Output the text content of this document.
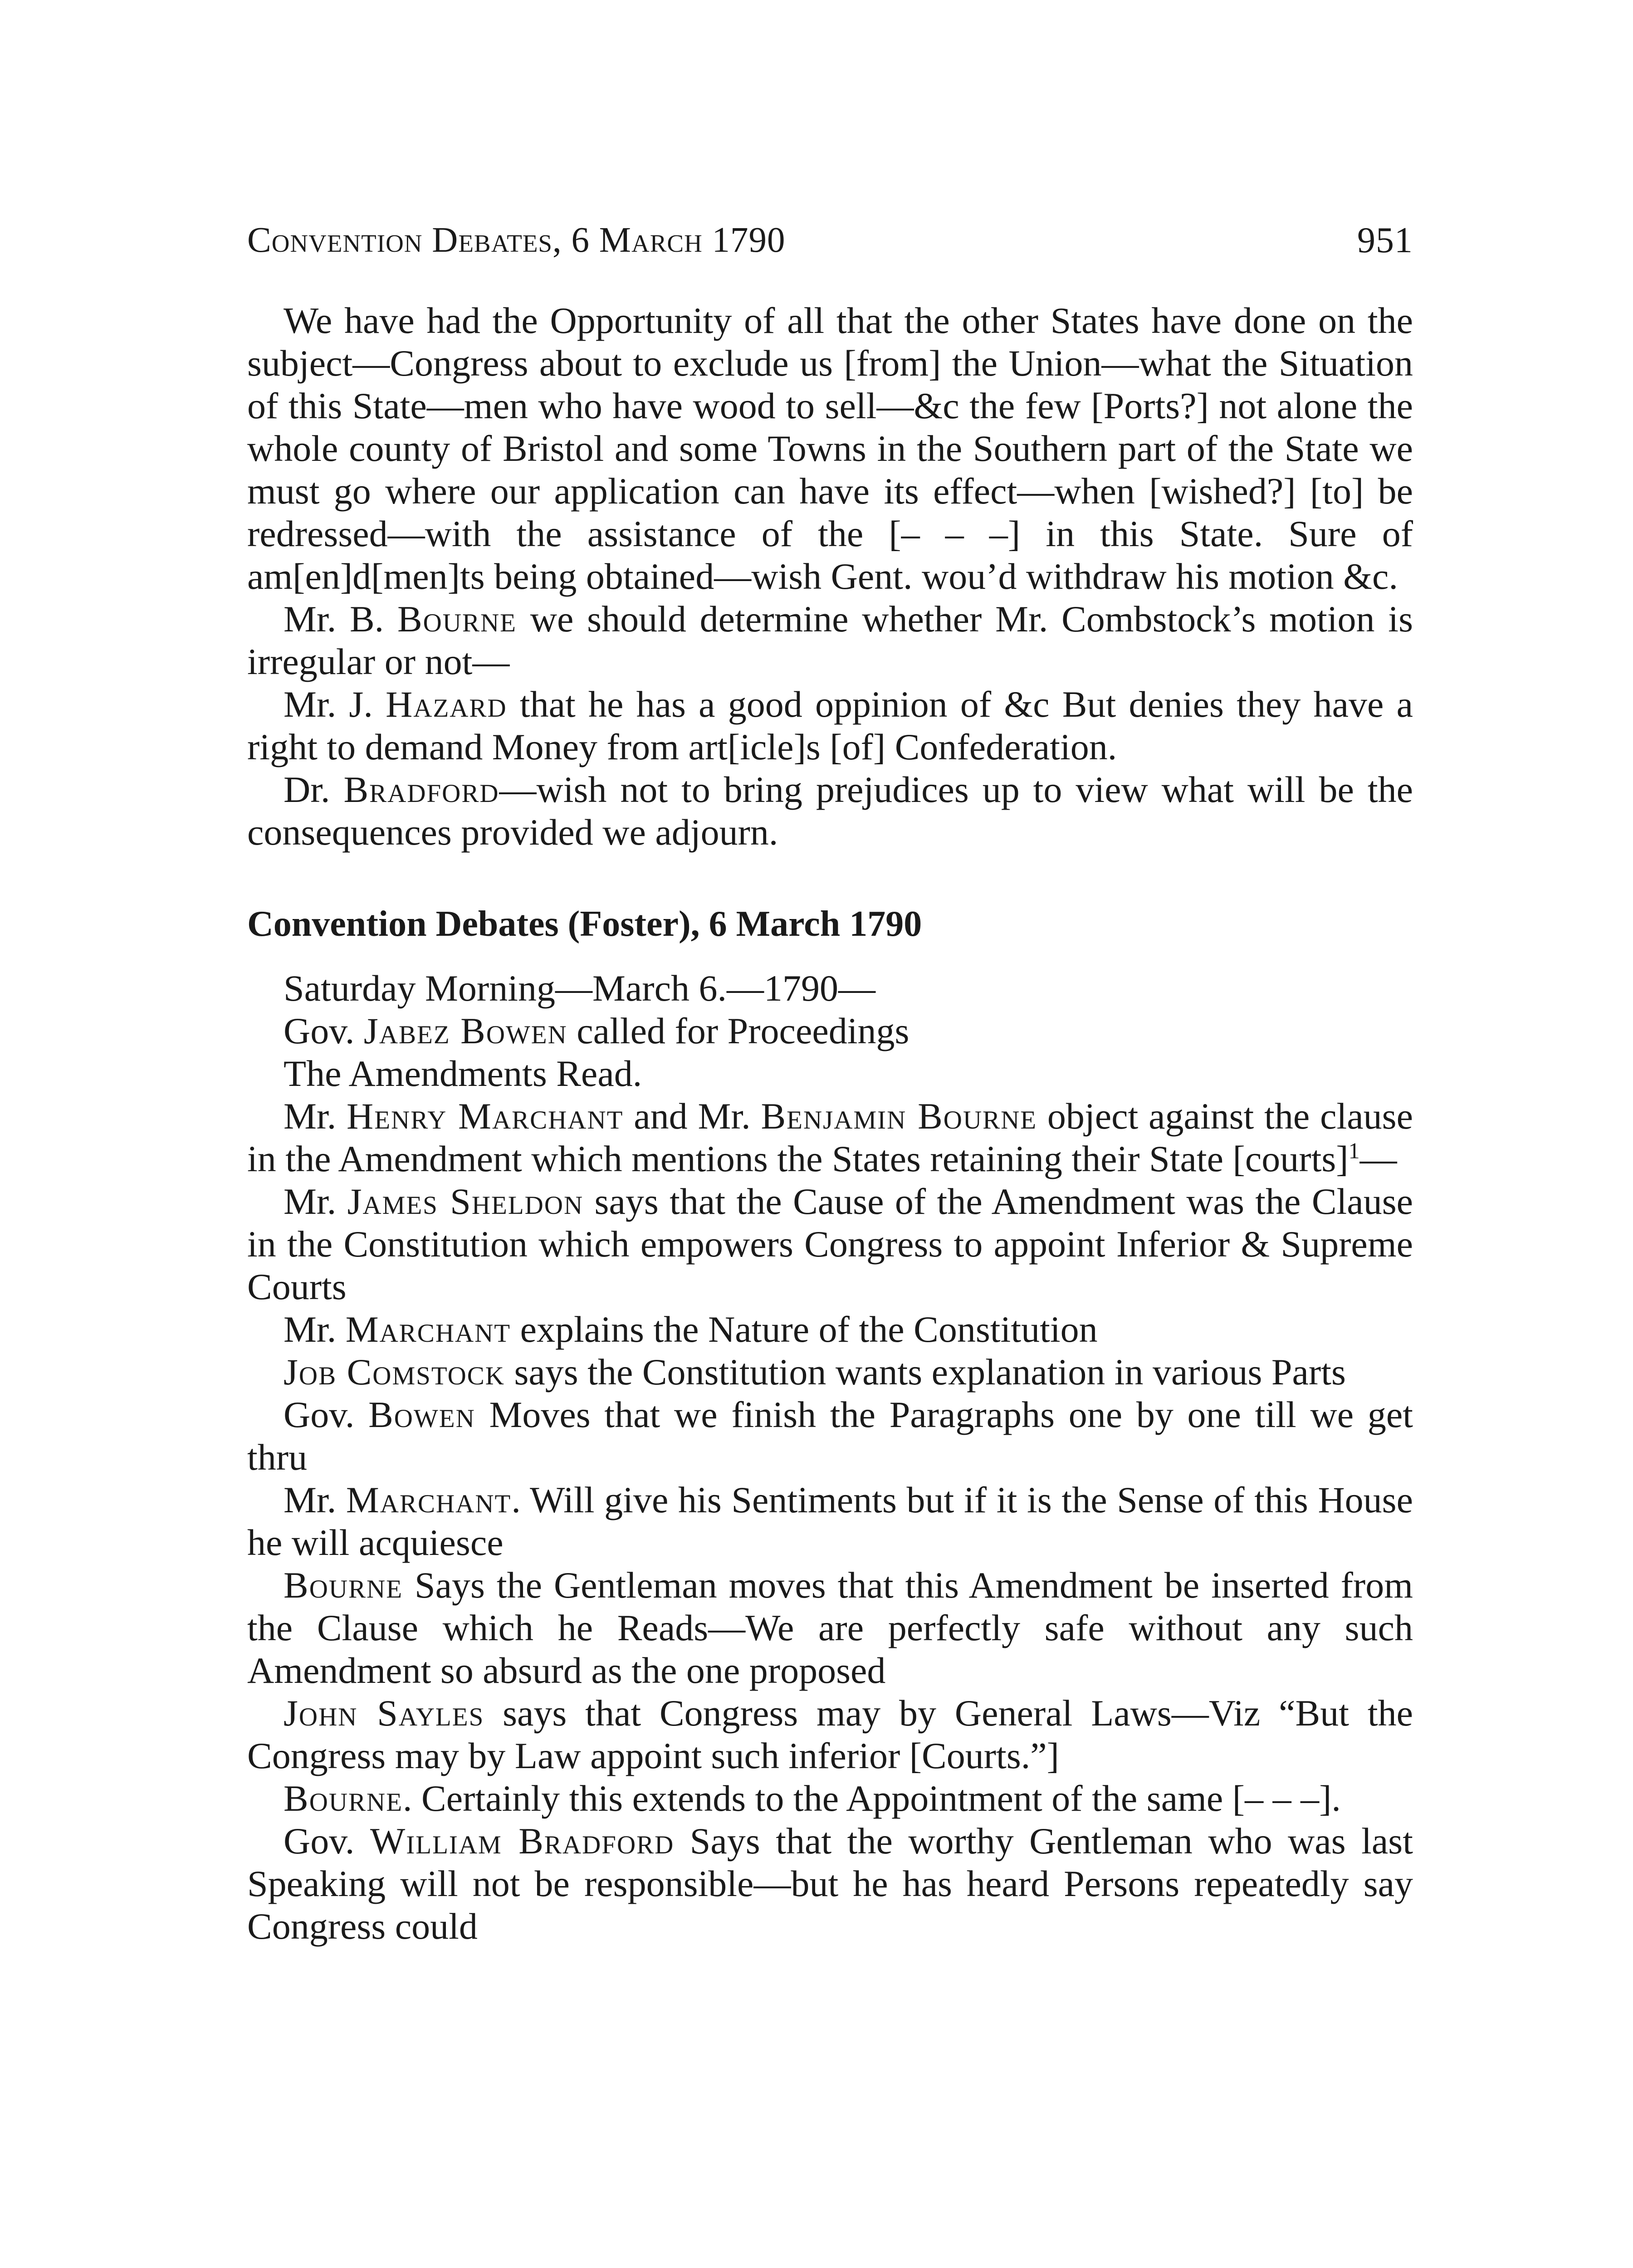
Convention Debates, 6 March 1790	951

We have had the Opportunity of all that the other States have done on the subject—Congress about to exclude us [from] the Union—what the Situation of this State—men who have wood to sell—&c the few [Ports?] not alone the whole county of Bristol and some Towns in the Southern part of the State we must go where our application can have its effect—when [wished?] [to] be redressed—with the assistance of the [– – –] in this State. Sure of am[en]d[men]ts being obtained—wish Gent. wou’d withdraw his motion &c.

Mr. B. Bourne we should determine whether Mr. Combstock’s motion is irregular or not—

Mr. J. Hazard that he has a good oppinion of &c But denies they have a right to demand Money from art[icle]s [of] Confederation.

Dr. Bradford—wish not to bring prejudices up to view what will be the consequences provided we adjourn.

Convention Debates (Foster), 6 March 1790

Saturday Morning—March 6.—1790—

Gov. Jabez Bowen called for Proceedings

The Amendments Read.

Mr. Henry Marchant and Mr. Benjamin Bourne object against the clause in the Amendment which mentions the States retaining their State [courts]$^1$—

Mr. James Sheldon says that the Cause of the Amendment was the Clause in the Constitution which empowers Congress to appoint Inferior & Supreme Courts

Mr. Marchant explains the Nature of the Constitution

Job Comstock says the Constitution wants explanation in various Parts

Gov. Bowen Moves that we finish the Paragraphs one by one till we get thru

Mr. Marchant. Will give his Sentiments but if it is the Sense of this House he will acquiesce

Bourne Says the Gentleman moves that this Amendment be inserted from the Clause which he Reads—We are perfectly safe without any such Amendment so absurd as the one proposed

John Sayles says that Congress may by General Laws—Viz “But the Congress may by Law appoint such inferior [Courts.”]

Bourne. Certainly this extends to the Appointment of the same [– – –].

Gov. William Bradford Says that the worthy Gentleman who was last Speaking will not be responsible—but he has heard Persons repeatedly say Congress could
